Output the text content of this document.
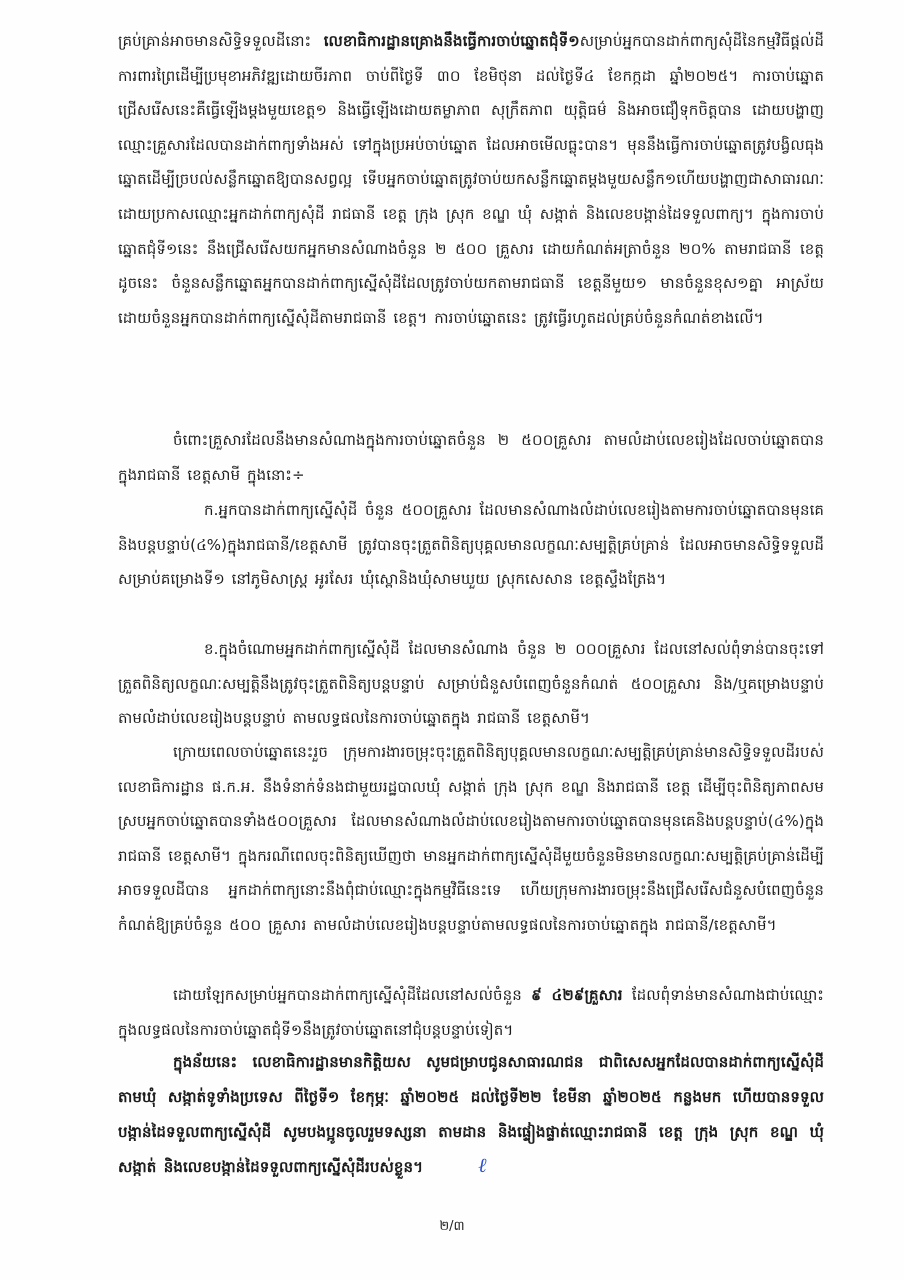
គ្រប់គ្រាន់អាចមានសិទ្ធិទទួលដីនោះ លេខាធិការដ្ឋានគ្រោងនឹងធ្វើការចាប់ឆ្នោតជុំទី១សម្រាប់អ្នកបានដាក់ពាក្យសុំដីនៃកម្មវិធីផ្តល់ដី ការពារព្រៃដើម្បីប្រមុខាអភិវឌ្ឍដោយចីរភាព ចាប់ពីថ្ងៃទី ៣០ ខែមិថុនា ដល់ថ្ងៃទី៤ ខែកក្កដា ឆ្នាំ២០២៥។ ការចាប់ឆ្នោតជ្រើសរើសនេះគឺធ្វើឡើងម្តងមួយខេត្ត១ និងធ្វើឡើងដោយតម្លាភាព សុក្រឹតភាព យុត្តិធម៌ និងអាចជឿទុកចិត្តបាន ដោយបង្ហាញឈ្មោះគ្រួសារដែលបានដាក់ពាក្យទាំងអស់ ទៅក្នុងប្រអប់ចាប់ឆ្នោត ដែលអាចមើលធ្លុះបាន។ មុននឹងធ្វើការចាប់ឆ្នោតត្រូវបង្វិលធុងឆ្នោតដើម្បីច្របល់សន្លឹកឆ្នោតឱ្យបានសព្វល្អ ទើបអ្នកចាប់ឆ្នោតត្រូវចាប់យកសន្លឹកឆ្នោតម្តងមួយសន្លឹក១ហើយបង្ហាញជាសាធារណៈ ដោយប្រកាសឈ្មោះអ្នកដាក់ពាក្យសុំដី រាជធានី ខេត្ត ក្រុង ស្រុក ខណ្ឌ ឃុំ សង្កាត់ និងលេខបង្កាន់ដៃទទួលពាក្យ។ ក្នុងការចាប់ឆ្នោតជុំទី១នេះ នឹងជ្រើសរើសយកអ្នកមានសំណាងចំនួន ២ ៥០០ គ្រួសារ ដោយកំណត់អត្រាចំនួន ២០% តាមរាជធានី ខេត្ត ដូចនេះ ចំនួនសន្លឹកឆ្នោតអ្នកបានដាក់ពាក្យស្នើសុំដីដែលត្រូវចាប់យកតាមរាជធានី ខេត្តនីមួយ១ មានចំនួនខុស១គ្នា អាស្រ័យដោយចំនួនអ្នកបានដាក់ពាក្យស្នើសុំដីតាមរាជធានី ខេត្ត។ ការចាប់ឆ្នោតនេះ ត្រូវធ្វើរហូតដល់គ្រប់ចំនួនកំណត់ខាងលើ។

ចំពោះគ្រួសារដែលនឹងមានសំណាងក្នុងការចាប់ឆ្នោតចំនួន ២ ៥០០គ្រួសារ តាមលំដាប់លេខរៀងដែលចាប់ឆ្នោតបានក្នុងរាជធានី ខេត្តសាមី ក្នុងនោះ÷

ក.អ្នកបានដាក់ពាក្យស្នើសុំដី ចំនួន ៥០០គ្រួសារ ដែលមានសំណាងលំដាប់លេខរៀងតាមការចាប់ឆ្នោតបានមុនគេនិងបន្តបន្ទាប់(៤%)ក្នុងរាជធានី/ខេត្តសាមី ត្រូវបានចុះត្រួតពិនិត្យបុគ្គលមានលក្ខណៈសម្បត្តិគ្រប់គ្រាន់ ដែលអាចមានសិទ្ធិទទួលដីសម្រាប់គម្រោងទី១ នៅភូមិសាស្រ្ត អូរសែរ ឃុំស្ពោនិងឃុំសាមឃួយ ស្រុកសេសាន ខេត្តស្ទឹងត្រែង។

ខ.ក្នុងចំណោមអ្នកដាក់ពាក្យស្នើសុំដី ដែលមានសំណាង ចំនួន ២ ០០០គ្រួសារ ដែលនៅសល់ពុំទាន់បានចុះទៅត្រួតពិនិត្យលក្ខណៈសម្បត្តិនឹងត្រូវចុះត្រួតពិនិត្យបន្តបន្ទាប់ សម្រាប់ជំនួសបំពេញចំនួនកំណត់ ៥០០គ្រួសារ និង/ឬគម្រោងបន្ទាប់ តាមលំដាប់លេខរៀងបន្តបន្ទាប់ តាមលទ្ធផលនៃការចាប់ឆ្នោតក្នុង រាជធានី ខេត្តសាមី។

ក្រោយពេលចាប់ឆ្នោតនេះរួច ក្រុមការងារចម្រុះចុះត្រួតពិនិត្យបុគ្គលមានលក្ខណៈសម្បត្តិគ្រប់គ្រាន់មានសិទ្ធិទទួលដីរបស់លេខាធិការដ្ឋាន ផ.ក.អ. នឹងទំនាក់ទំនងជាមួយរដ្ឋបាលឃុំ សង្កាត់ ក្រុង ស្រុក ខណ្ឌ និងរាជធានី ខេត្ត ដើម្បីចុះពិនិត្យភាពសមស្របអ្នកចាប់ឆ្នោតបានទាំង៥០០គ្រួសារ ដែលមានសំណាងលំដាប់លេខរៀងតាមការចាប់ឆ្នោតបានមុនគេនិងបន្តបន្ទាប់(៤%)ក្នុងរាជធានី ខេត្តសាមី។ ក្នុងករណីពេលចុះពិនិត្យឃើញថា មានអ្នកដាក់ពាក្យស្នើសុំដីមួយចំនួនមិនមានលក្ខណៈសម្បត្តិគ្រប់គ្រាន់ដើម្បីអាចទទួលដីបាន អ្នកដាក់ពាក្យនោះនឹងពុំជាប់ឈ្មោះក្នុងកម្មវិធីនេះទេ ហើយក្រុមការងារចម្រុះនឹងជ្រើសរើសជំនួសបំពេញចំនួនកំណត់ឱ្យគ្រប់ចំនួន ៥០០ គ្រួសារ តាមលំដាប់លេខរៀងបន្តបន្ទាប់តាមលទ្ធផលនៃការចាប់ឆ្នោតក្នុង រាជធានី/ខេត្តសាមី។

ដោយឡែកសម្រាប់អ្នកបានដាក់ពាក្យស្នើសុំដីដែលនៅសល់ចំនួន ៩ ៤២៩គ្រួសារ ដែលពុំទាន់មានសំណាងជាប់ឈ្មោះក្នុងលទ្ធផលនៃការចាប់ឆ្នោតជុំទី១នឹងត្រូវចាប់ឆ្នោតនៅជុំបន្តបន្ទាប់ទៀត។

ក្នុងន័យនេះ លេខាធិការដ្ឋានមានកិត្តិយស សូមជម្រាបជូនសាធារណជន ជាពិសេសអ្នកដែលបានដាក់ពាក្យស្នើសុំដីតាមឃុំ សង្កាត់ទូទាំងប្រទេស ពីថ្ងៃទី១ ខែកុម្ភៈ ឆ្នាំ២០២៥ ដល់ថ្ងៃទី២២ ខែមីនា ឆ្នាំ២០២៥ កន្លងមក ហើយបានទទួលបង្កាន់ដៃទទួលពាក្យស្នើសុំដី សូមបងប្អូនចូលរួមទស្សនា តាមដាន និងផ្ទៀងផ្ទាត់ឈ្មោះរាជធានី ខេត្ត ក្រុង ស្រុក ខណ្ឌ ឃុំ សង្កាត់ និងលេខបង្កាន់ដៃទទួលពាក្យស្នើសុំដីរបស់ខ្លួន។	ℓ

២/៣
